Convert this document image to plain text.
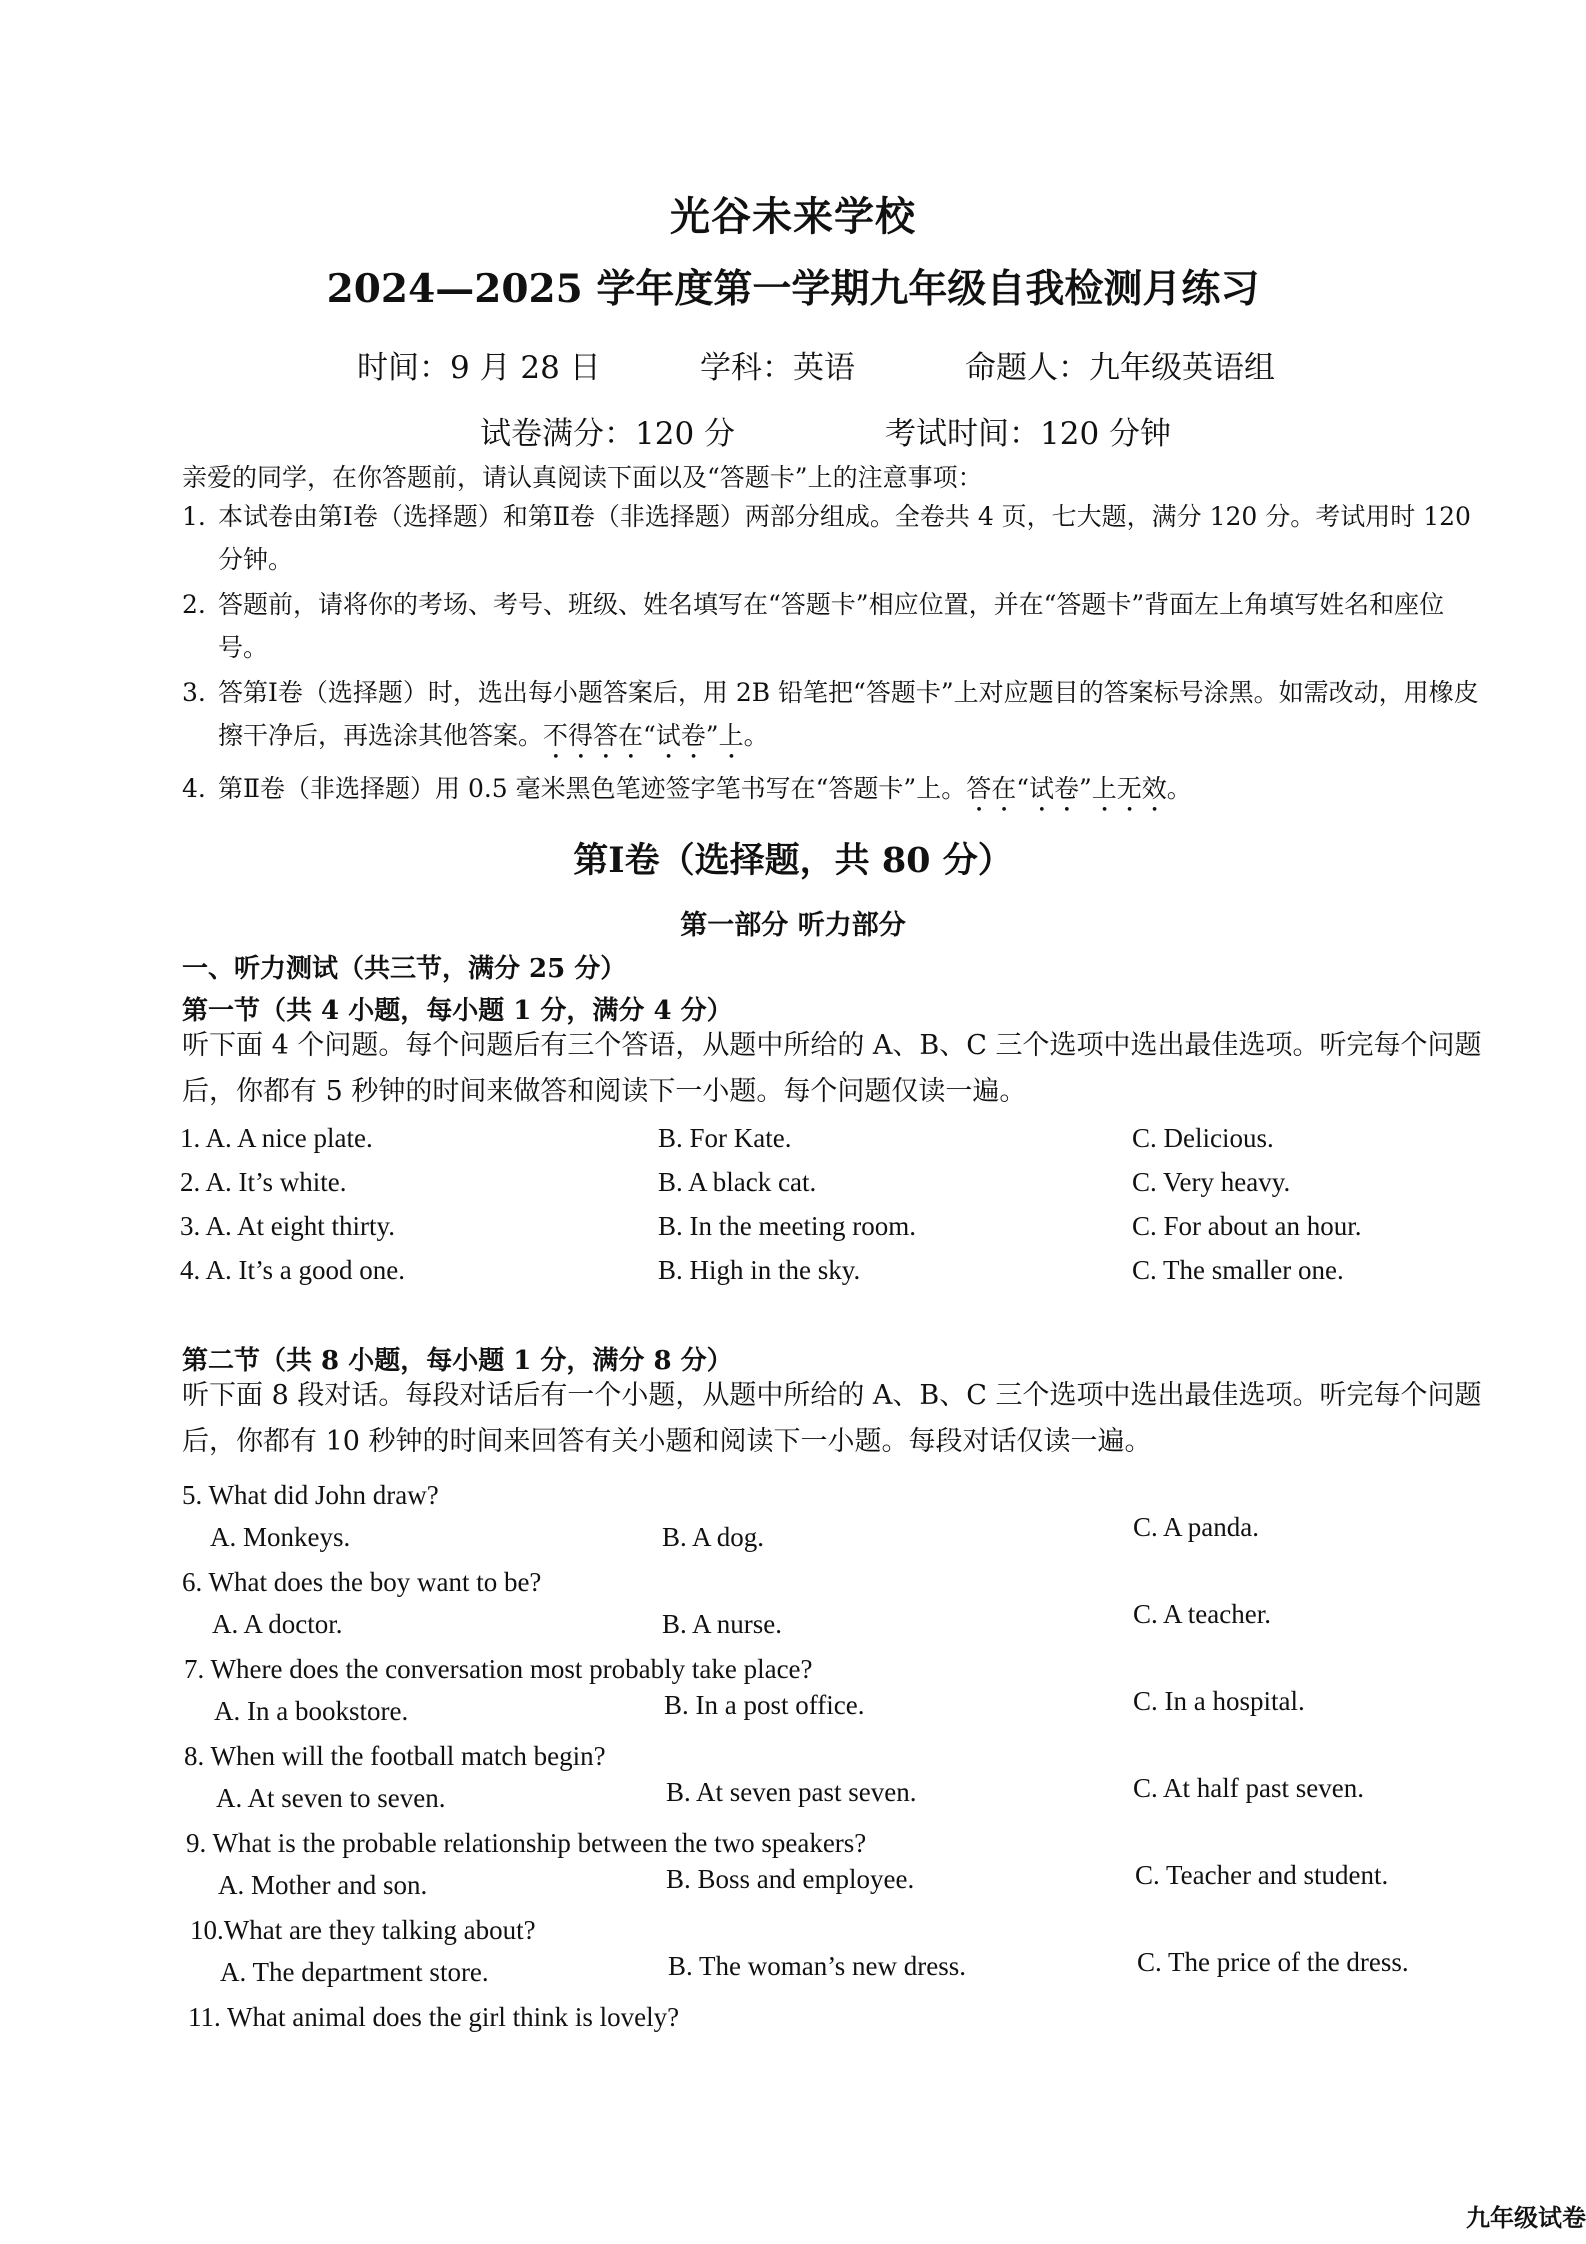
光谷未来学校
2024—2025 学年度第一学期九年级自我检测月练习
时间：9 月 28 日	学科：英语	命题人：九年级英语组
试卷满分：120 分	考试时间：120 分钟
亲爱的同学，在你答题前，请认真阅读下面以及“答题卡”上的注意事项：
1. 本试卷由第Ⅰ卷（选择题）和第Ⅱ卷（非选择题）两部分组成。全卷共 4 页，七大题，满分 120 分。考试用时 120 分钟。
2. 答题前，请将你的考场、考号、班级、姓名填写在“答题卡”相应位置，并在“答题卡”背面左上角填写姓名和座位号。
3. 答第Ⅰ卷（选择题）时，选出每小题答案后，用 2B 铅笔把“答题卡”上对应题目的答案标号涂黑。如需改动，用橡皮擦干净后，再选涂其他答案。不得答在“试卷”上。
4. 第Ⅱ卷（非选择题）用 0.5 毫米黑色笔迹签字笔书写在“答题卡”上。答在“试卷”上无效。
第Ⅰ卷（选择题，共 80 分）
第一部分 听力部分
一、听力测试（共三节，满分 25 分）
第一节（共 4 小题，每小题 1 分，满分 4 分）
听下面 4 个问题。每个问题后有三个答语，从题中所给的 A、B、C 三个选项中选出最佳选项。听完每个问题后，你都有 5 秒钟的时间来做答和阅读下一小题。每个问题仅读一遍。
1. A. A nice plate.	B. For Kate.	C. Delicious.
2. A. It’s white.	B. A black cat.	C. Very heavy.
3. A. At eight thirty.	B. In the meeting room.	C. For about an hour.
4. A. It’s a good one.	B. High in the sky.	C. The smaller one.
第二节（共 8 小题，每小题 1 分，满分 8 分）
听下面 8 段对话。每段对话后有一个小题，从题中所给的 A、B、C 三个选项中选出最佳选项。听完每个问题后，你都有 10 秒钟的时间来回答有关小题和阅读下一小题。每段对话仅读一遍。
5. What did John draw?
A. Monkeys.	B. A dog.	C. A panda.
6. What does the boy want to be?
A. A doctor.	B. A nurse.	C. A teacher.
7. Where does the conversation most probably take place?
A. In a bookstore.	B. In a post office.	C. In a hospital.
8. When will the football match begin?
A. At seven to seven.	B. At seven past seven.	C. At half past seven.
9. What is the probable relationship between the two speakers?
A. Mother and son.	B. Boss and employee.	C. Teacher and student.
10.What are they talking about?
A. The department store.	B. The woman’s new dress.	C. The price of the dress.
11. What animal does the girl think is lovely?
九年级试卷
